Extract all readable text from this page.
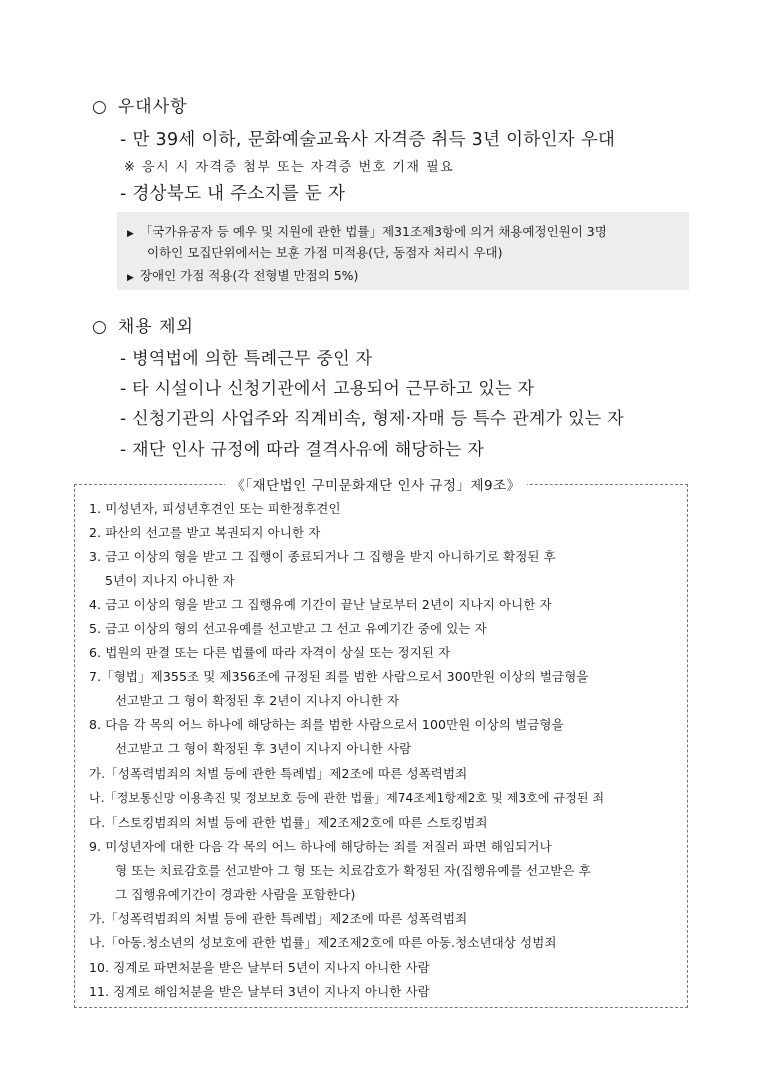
○ 우대사항
- 만 39세 이하, 문화예술교육사 자격증 취득 3년 이하인자 우대
※ 응시 시 자격증 첨부 또는 자격증 번호 기재 필요
- 경상북도 내 주소지를 둔 자
▶ 「국가유공자 등 예우 및 지원에 관한 법률」제31조제3항에 의거 채용예정인원이 3명
이하인 모집단위에서는 보훈 가점 미적용(단, 동점자 처리시 우대)
▶ 장애인 가점 적용(각 전형별 만점의 5%)
○ 채용 제외
- 병역법에 의한 특례근무 중인 자
- 타 시설이나 신청기관에서 고용되어 근무하고 있는 자
- 신청기관의 사업주와 직계비속, 형제·자매 등 특수 관계가 있는 자
- 재단 인사 규정에 따라 결격사유에 해당하는 자
1. 미성년자, 피성년후견인 또는 피한정후견인
2. 파산의 선고를 받고 복권되지 아니한 자
3. 금고 이상의 형을 받고 그 집행이 종료되거나 그 집행을 받지 아니하기로 확정된 후
5년이 지나지 아니한 자
4. 금고 이상의 형을 받고 그 집행유예 기간이 끝난 날로부터 2년이 지나지 아니한 자
5. 금고 이상의 형의 선고유예를 선고받고 그 선고 유예기간 중에 있는 자
6. 법원의 판결 또는 다른 법률에 따라 자격이 상실 또는 정지된 자
7.「형법」제355조 및 제356조에 규정된 죄를 범한 사람으로서 300만원 이상의 벌금형을
선고받고 그 형이 확정된 후 2년이 지나지 아니한 자
8. 다음 각 목의 어느 하나에 해당하는 죄를 범한 사람으로서 100만원 이상의 벌금형을
선고받고 그 형이 확정된 후 3년이 지나지 아니한 사람
가.「성폭력범죄의 처벌 등에 관한 특례법」제2조에 따른 성폭력범죄
나.「정보통신망 이용촉진 및 정보보호 등에 관한 법률」제74조제1항제2호 및 제3호에 규정된 죄
다.「스토킹범죄의 처벌 등에 관한 법률」제2조제2호에 따른 스토킹범죄
9. 미성년자에 대한 다음 각 목의 어느 하나에 해당하는 죄를 저질러 파면 해임되거나
형 또는 치료감호를 선고받아 그 형 또는 치료감호가 확정된 자(집행유예를 선고받은 후
그 집행유예기간이 경과한 사람을 포함한다)
가.「성폭력범죄의 처벌 등에 관한 특례법」제2조에 따른 성폭력범죄
나.「아동.청소년의 성보호에 관한 법률」제2조제2호에 따른 아동.청소년대상 성범죄
10. 징계로 파면처분을 받은 날부터 5년이 지나지 아니한 사람
11. 징계로 해임처분을 받은 날부터 3년이 지나지 아니한 사람
《「재단법인 구미문화재단 인사 규정」제9조》
